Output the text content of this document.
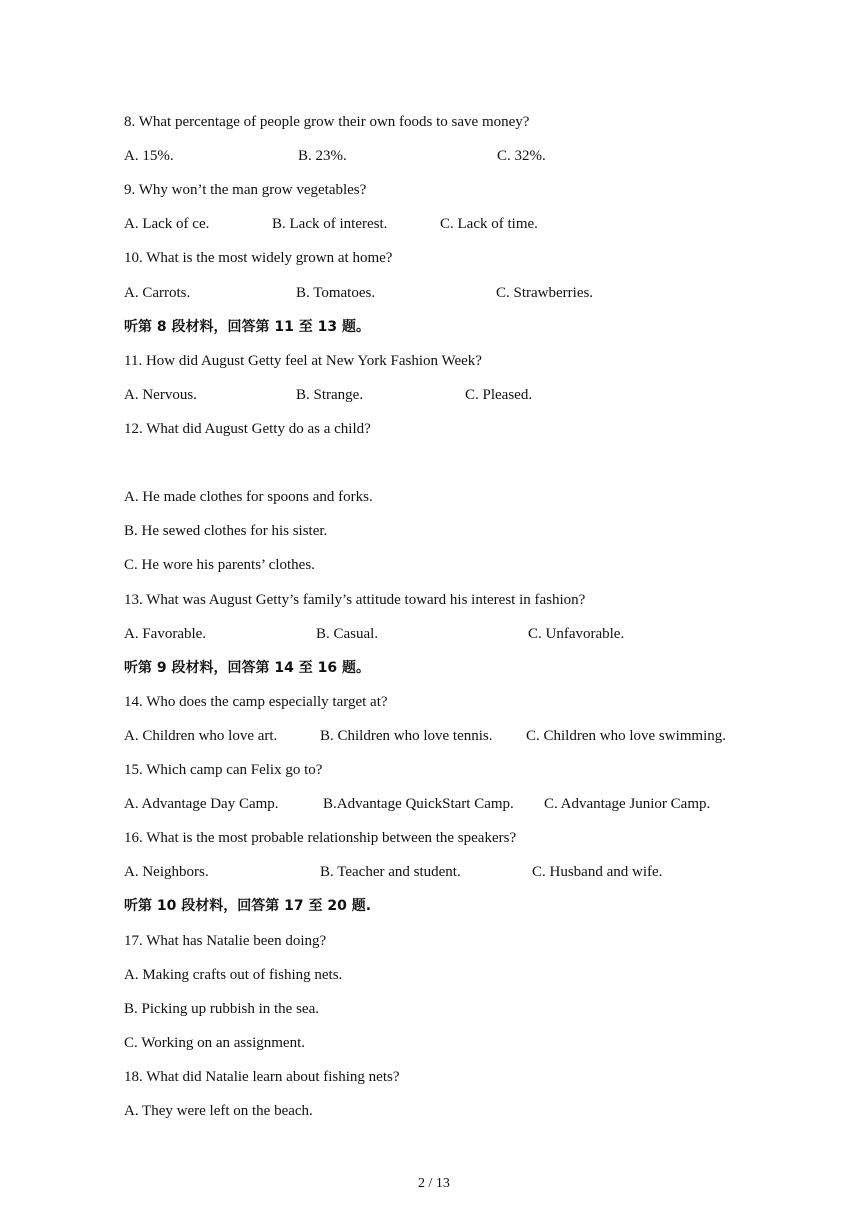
8. What percentage of people grow their own foods to save money?
A. 15%.	B. 23%.	C. 32%.
9. Why won’t the man grow vegetables?
A. Lack of ce.	B. Lack of interest.	C. Lack of time.
10. What is the most widely grown at home?
A. Carrots.	B. Tomatoes.	C. Strawberries.
听第 8 段材料，回答第 11 至 13 题。
11. How did August Getty feel at New York Fashion Week?
A. Nervous.	B. Strange.	C. Pleased.
12. What did August Getty do as a child?
A. He made clothes for spoons and forks.
B. He sewed clothes for his sister.
C. He wore his parents’ clothes.
13. What was August Getty’s family’s attitude toward his interest in fashion?
A. Favorable.	B. Casual.	C. Unfavorable.
听第 9 段材料，回答第 14 至 16 题。
14. Who does the camp especially target at?
A. Children who love art.	B. Children who love tennis. C. Children who love swimming.
15. Which camp can Felix go to?
A. Advantage Day Camp.	B.Advantage QuickStart Camp. C. Advantage Junior Camp.
16. What is the most probable relationship between the speakers?
A. Neighbors.	B. Teacher and student.	C. Husband and wife.
听第 10 段材料，回答第 17 至 20 题.
17. What has Natalie been doing?
A. Making crafts out of fishing nets.
B. Picking up rubbish in the sea.
C. Working on an assignment.
18. What did Natalie learn about fishing nets?
A. They were left on the beach.
2 / 13
